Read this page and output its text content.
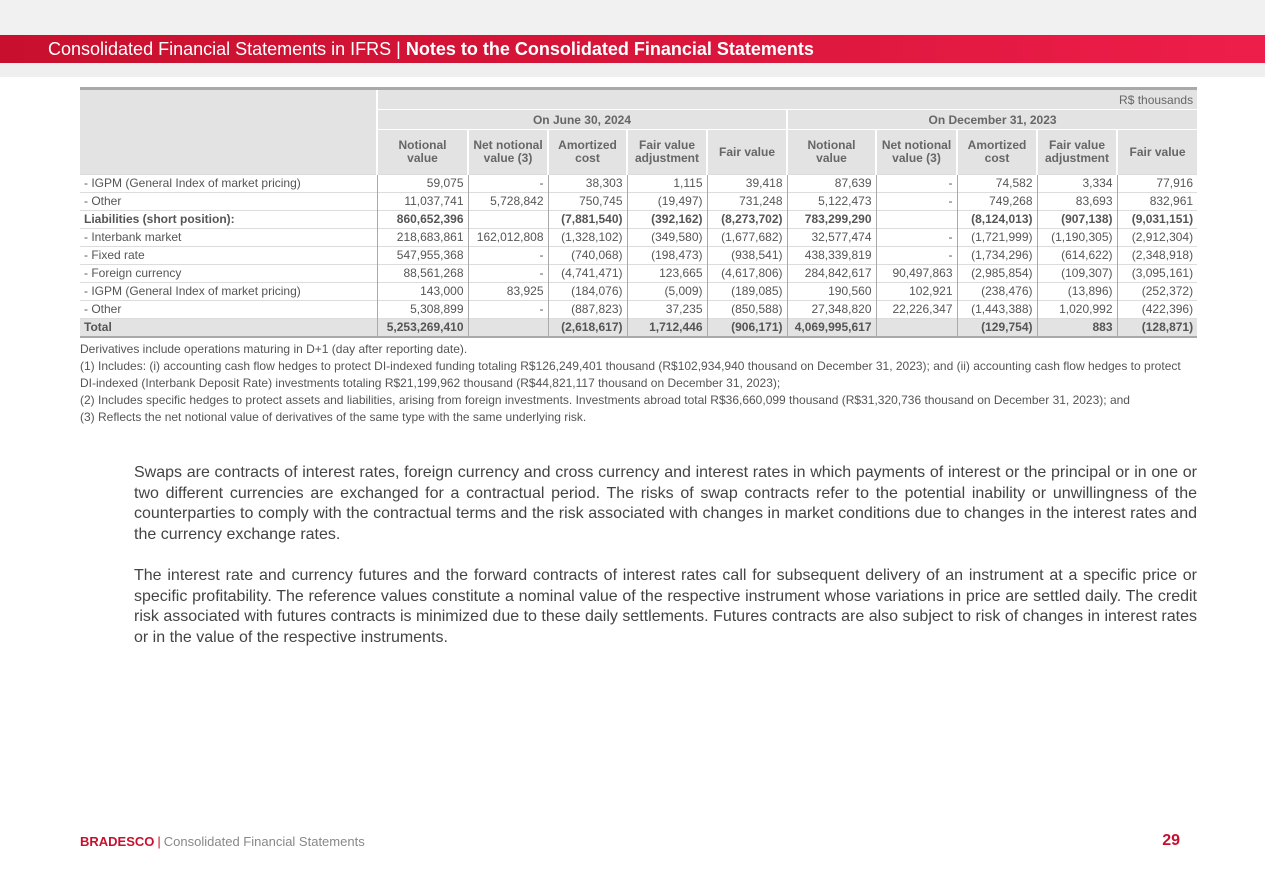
Consolidated Financial Statements in IFRS | Notes to the Consolidated Financial Statements
	R$ thousands									
	On June 30, 2024					On December 31, 2023				
	Notional value	Net notional value (3)	Amortized cost	Fair value adjustment	Fair value	Notional value	Net notional value (3)	Amortized cost	Fair value adjustment	Fair value
- IGPM (General Index of market pricing)	59,075	-	38,303	1,115	39,418	87,639	-	74,582	3,334	77,916
- Other	11,037,741	5,728,842	750,745	(19,497)	731,248	5,122,473	-	749,268	83,693	832,961
Liabilities (short position):	860,652,396		(7,881,540)	(392,162)	(8,273,702)	783,299,290		(8,124,013)	(907,138)	(9,031,151)
- Interbank market	218,683,861	162,012,808	(1,328,102)	(349,580)	(1,677,682)	32,577,474	-	(1,721,999)	(1,190,305)	(2,912,304)
- Fixed rate	547,955,368	-	(740,068)	(198,473)	(938,541)	438,339,819	-	(1,734,296)	(614,622)	(2,348,918)
- Foreign currency	88,561,268	-	(4,741,471)	123,665	(4,617,806)	284,842,617	90,497,863	(2,985,854)	(109,307)	(3,095,161)
- IGPM (General Index of market pricing)	143,000	83,925	(184,076)	(5,009)	(189,085)	190,560	102,921	(238,476)	(13,896)	(252,372)
- Other	5,308,899	-	(887,823)	37,235	(850,588)	27,348,820	22,226,347	(1,443,388)	1,020,992	(422,396)
Total	5,253,269,410		(2,618,617)	1,712,446	(906,171)	4,069,995,617		(129,754)	883	(128,871)

Derivatives include operations maturing in D+1 (day after reporting date).

(1) Includes: (i) accounting cash flow hedges to protect DI-indexed funding totaling R$126,249,401 thousand (R$102,934,940 thousand on December 31, 2023); and (ii) accounting cash flow hedges to protect DI-indexed (Interbank Deposit Rate) investments totaling R$21,199,962 thousand (R$44,821,117 thousand on December 31, 2023);

(2) Includes specific hedges to protect assets and liabilities, arising from foreign investments. Investments abroad total R$36,660,099 thousand (R$31,320,736 thousand on December 31, 2023); and

(3) Reflects the net notional value of derivatives of the same type with the same underlying risk.

Swaps are contracts of interest rates, foreign currency and cross currency and interest rates in which payments of interest or the principal or in one or two different currencies are exchanged for a contractual period. The risks of swap contracts refer to the potential inability or unwillingness of the counterparties to comply with the contractual terms and the risk associated with changes in market conditions due to changes in the interest rates and the currency exchange rates.

The interest rate and currency futures and the forward contracts of interest rates call for subsequent delivery of an instrument at a specific price or specific profitability. The reference values constitute a nominal value of the respective instrument whose variations in price are settled daily. The credit risk associated with futures contracts is minimized due to these daily settlements. Futures contracts are also subject to risk of changes in interest rates or in the value of the respective instruments.

BRADESCO | Consolidated Financial Statements	29
